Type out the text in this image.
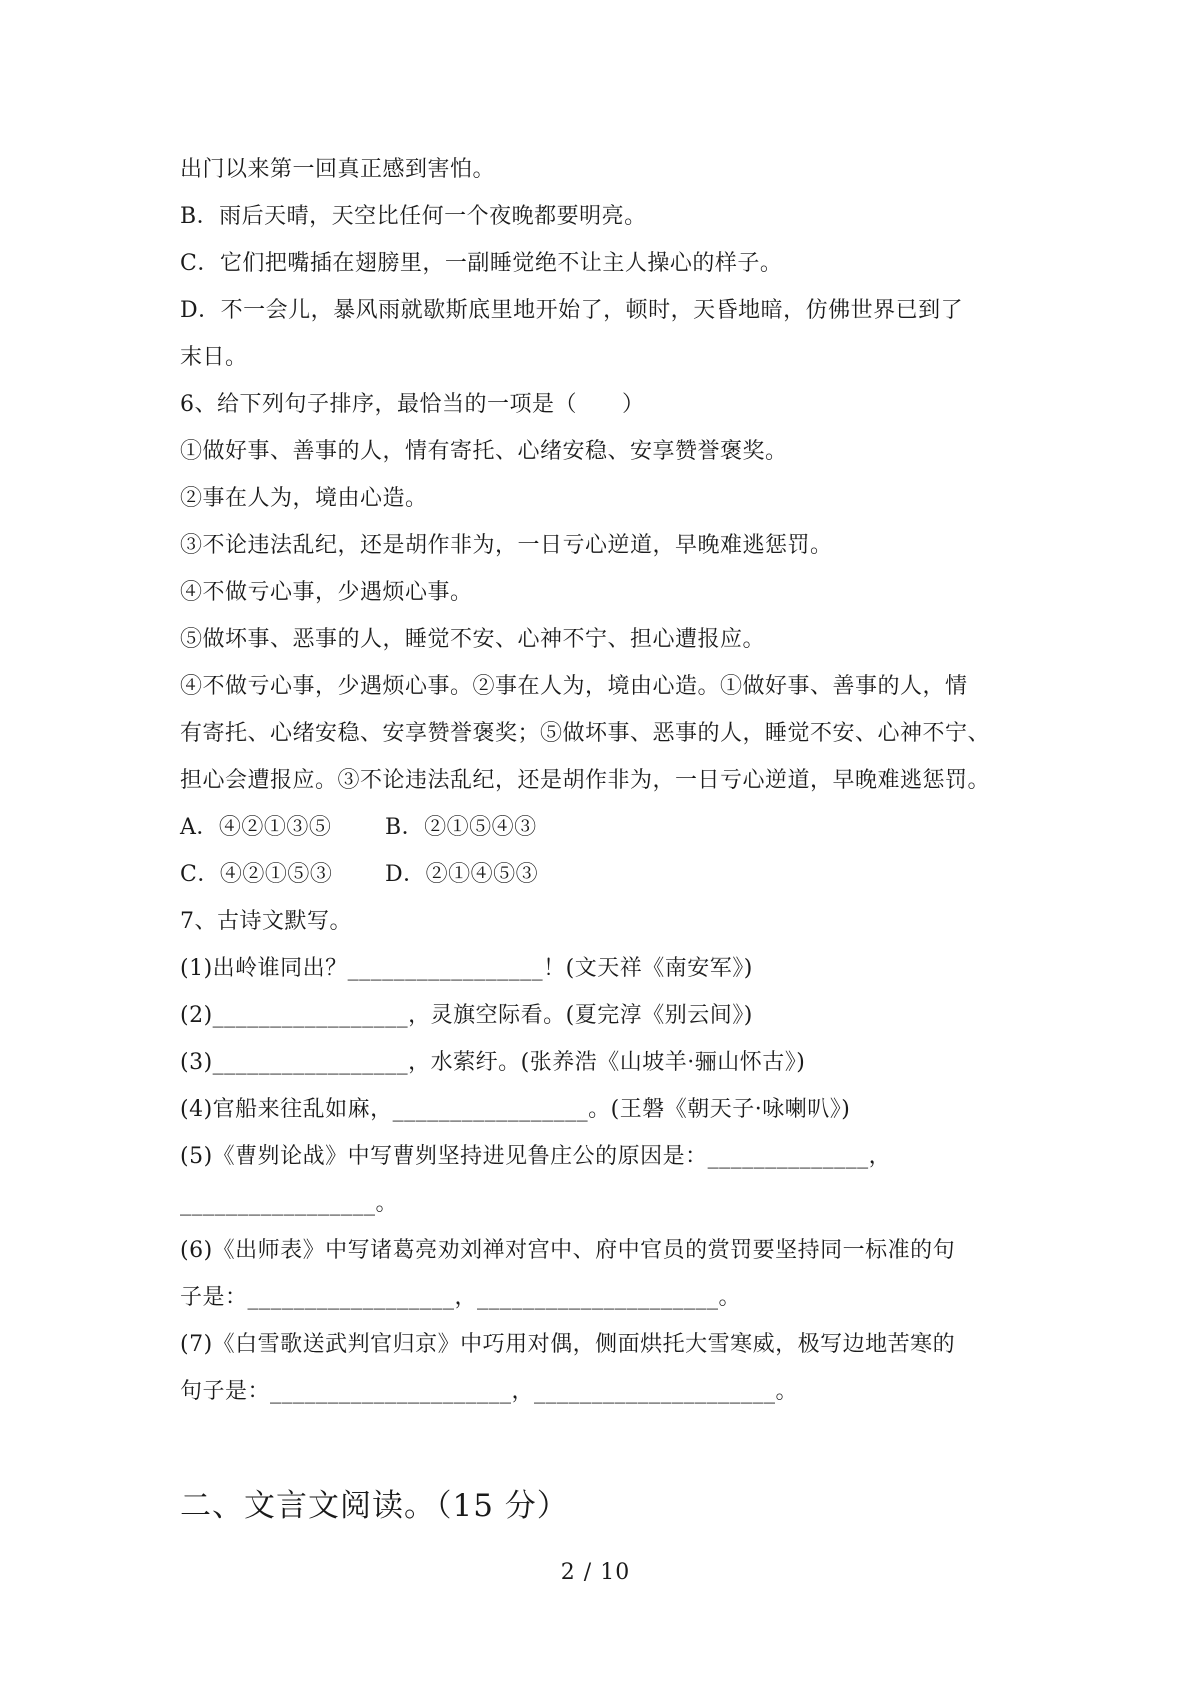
出门以来第一回真正感到害怕。
B．雨后天晴，天空比任何一个夜晚都要明亮。
C．它们把嘴插在翅膀里，一副睡觉绝不让主人操心的样子。
D．不一会儿，暴风雨就歇斯底里地开始了，顿时，天昏地暗，仿佛世界已到了
末日。
6、给下列句子排序，最恰当的一项是（　　）
①做好事、善事的人，情有寄托、心绪安稳、安享赞誉褒奖。
②事在人为，境由心造。
③不论违法乱纪，还是胡作非为，一日亏心逆道，早晚难逃惩罚。
④不做亏心事，少遇烦心事。
⑤做坏事、恶事的人，睡觉不安、心神不宁、担心遭报应。
④不做亏心事，少遇烦心事。②事在人为，境由心造。①做好事、善事的人，情
有寄托、心绪安稳、安享赞誉褒奖；⑤做坏事、恶事的人，睡觉不安、心神不宁、
担心会遭报应。③不论违法乱纪，还是胡作非为，一日亏心逆道，早晚难逃惩罚。
A．④②①③⑤ B．②①⑤④③
C．④②①⑤③ D．②①④⑤③
7、古诗文默写。
(1)出岭谁同出？_________________！(文天祥《南安军》)
(2)_________________，灵旗空际看。(夏完淳《别云间》)
(3)_________________，水萦纡。(张养浩《山坡羊·骊山怀古》)
(4)官船来往乱如麻，_________________。(王磐《朝天子·咏喇叭》)
(5)《曹刿论战》中写曹刿坚持进见鲁庄公的原因是：______________，
_________________。
(6)《出师表》中写诸葛亮劝刘禅对宫中、府中官员的赏罚要坚持同一标准的句
子是：__________________，_____________________。
(7)《白雪歌送武判官归京》中巧用对偶，侧面烘托大雪寒威，极写边地苦寒的
句子是：_____________________，_____________________。
二、文言文阅读。（15 分）
2 / 10
